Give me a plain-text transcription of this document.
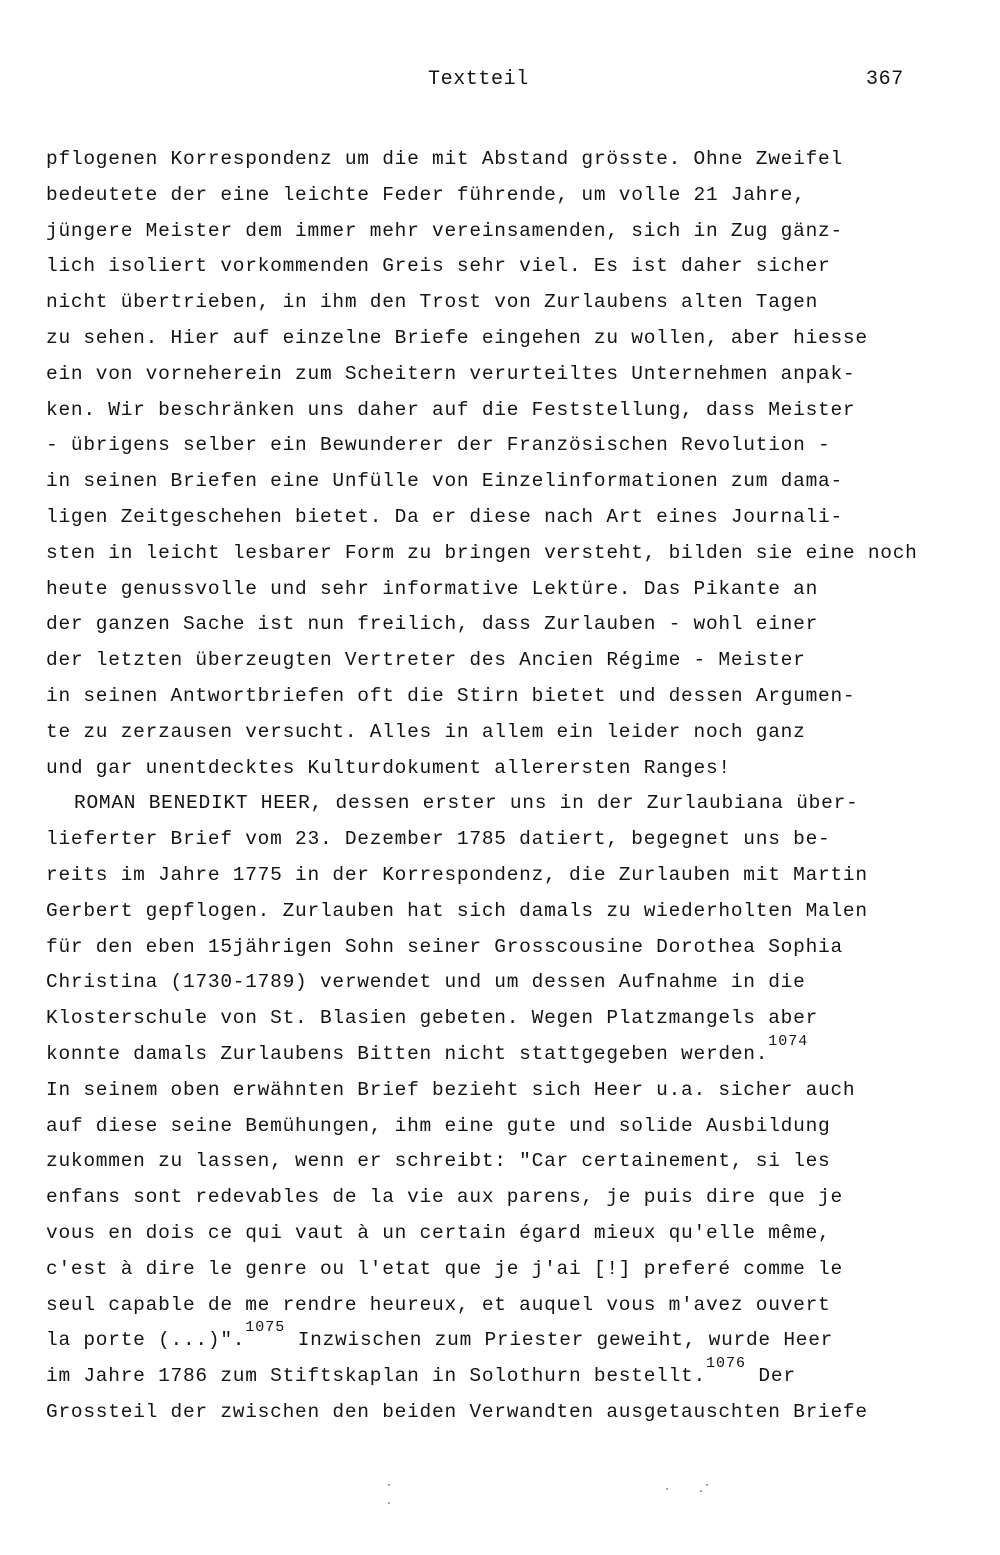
Textteil	367
pflogenen Korrespondenz um die mit Abstand grösste. Ohne Zweifel
bedeutete der eine leichte Feder führende, um volle 21 Jahre,
jüngere Meister dem immer mehr vereinsamenden, sich in Zug gänz-
lich isoliert vorkommenden Greis sehr viel. Es ist daher sicher
nicht übertrieben, in ihm den Trost von Zurlaubens alten Tagen
zu sehen. Hier auf einzelne Briefe eingehen zu wollen, aber hiesse
ein von vorneherein zum Scheitern verurteiltes Unternehmen anpak-
ken. Wir beschränken uns daher auf die Feststellung, dass Meister
- übrigens selber ein Bewunderer der Französischen Revolution -
in seinen Briefen eine Unfülle von Einzelinformationen zum dama-
ligen Zeitgeschehen bietet. Da er diese nach Art eines Journali-
sten in leicht lesbarer Form zu bringen versteht, bilden sie eine noch
heute genussvolle und sehr informative Lektüre. Das Pikante an
der ganzen Sache ist nun freilich, dass Zurlauben - wohl einer
der letzten überzeugten Vertreter des Ancien Régime - Meister
in seinen Antwortbriefen oft die Stirn bietet und dessen Argumen-
te zu zerzausen versucht. Alles in allem ein leider noch ganz
und gar unentdecktes Kulturdokument allerersten Ranges!
ROMAN BENEDIKT HEER, dessen erster uns in der Zurlaubiana über-
lieferter Brief vom 23. Dezember 1785 datiert, begegnet uns be-
reits im Jahre 1775 in der Korrespondenz, die Zurlauben mit Martin
Gerbert gepflogen. Zurlauben hat sich damals zu wiederholten Malen
für den eben 15jährigen Sohn seiner Grosscousine Dorothea Sophia
Christina (1730-1789) verwendet und um dessen Aufnahme in die
Klosterschule von St. Blasien gebeten. Wegen Platzmangels aber
konnte damals Zurlaubens Bitten nicht stattgegeben werden.$^{1074}$
In seinem oben erwähnten Brief bezieht sich Heer u.a. sicher auch
auf diese seine Bemühungen, ihm eine gute und solide Ausbildung
zukommen zu lassen, wenn er schreibt: "Car certainement, si les
enfans sont redevables de la vie aux parens, je puis dire que je
vous en dois ce qui vaut à un certain égard mieux qu'elle même,
c'est à dire le genre ou l'etat que je j'ai [!] preferé comme le
seul capable de me rendre heureux, et auquel vous m'avez ouvert
la porte (...)".$^{1075}$ Inzwischen zum Priester geweiht, wurde Heer
im Jahre 1786 zum Stiftskaplan in Solothurn bestellt.$^{1076}$ Der
Grossteil der zwischen den beiden Verwandten ausgetauschten Briefe
